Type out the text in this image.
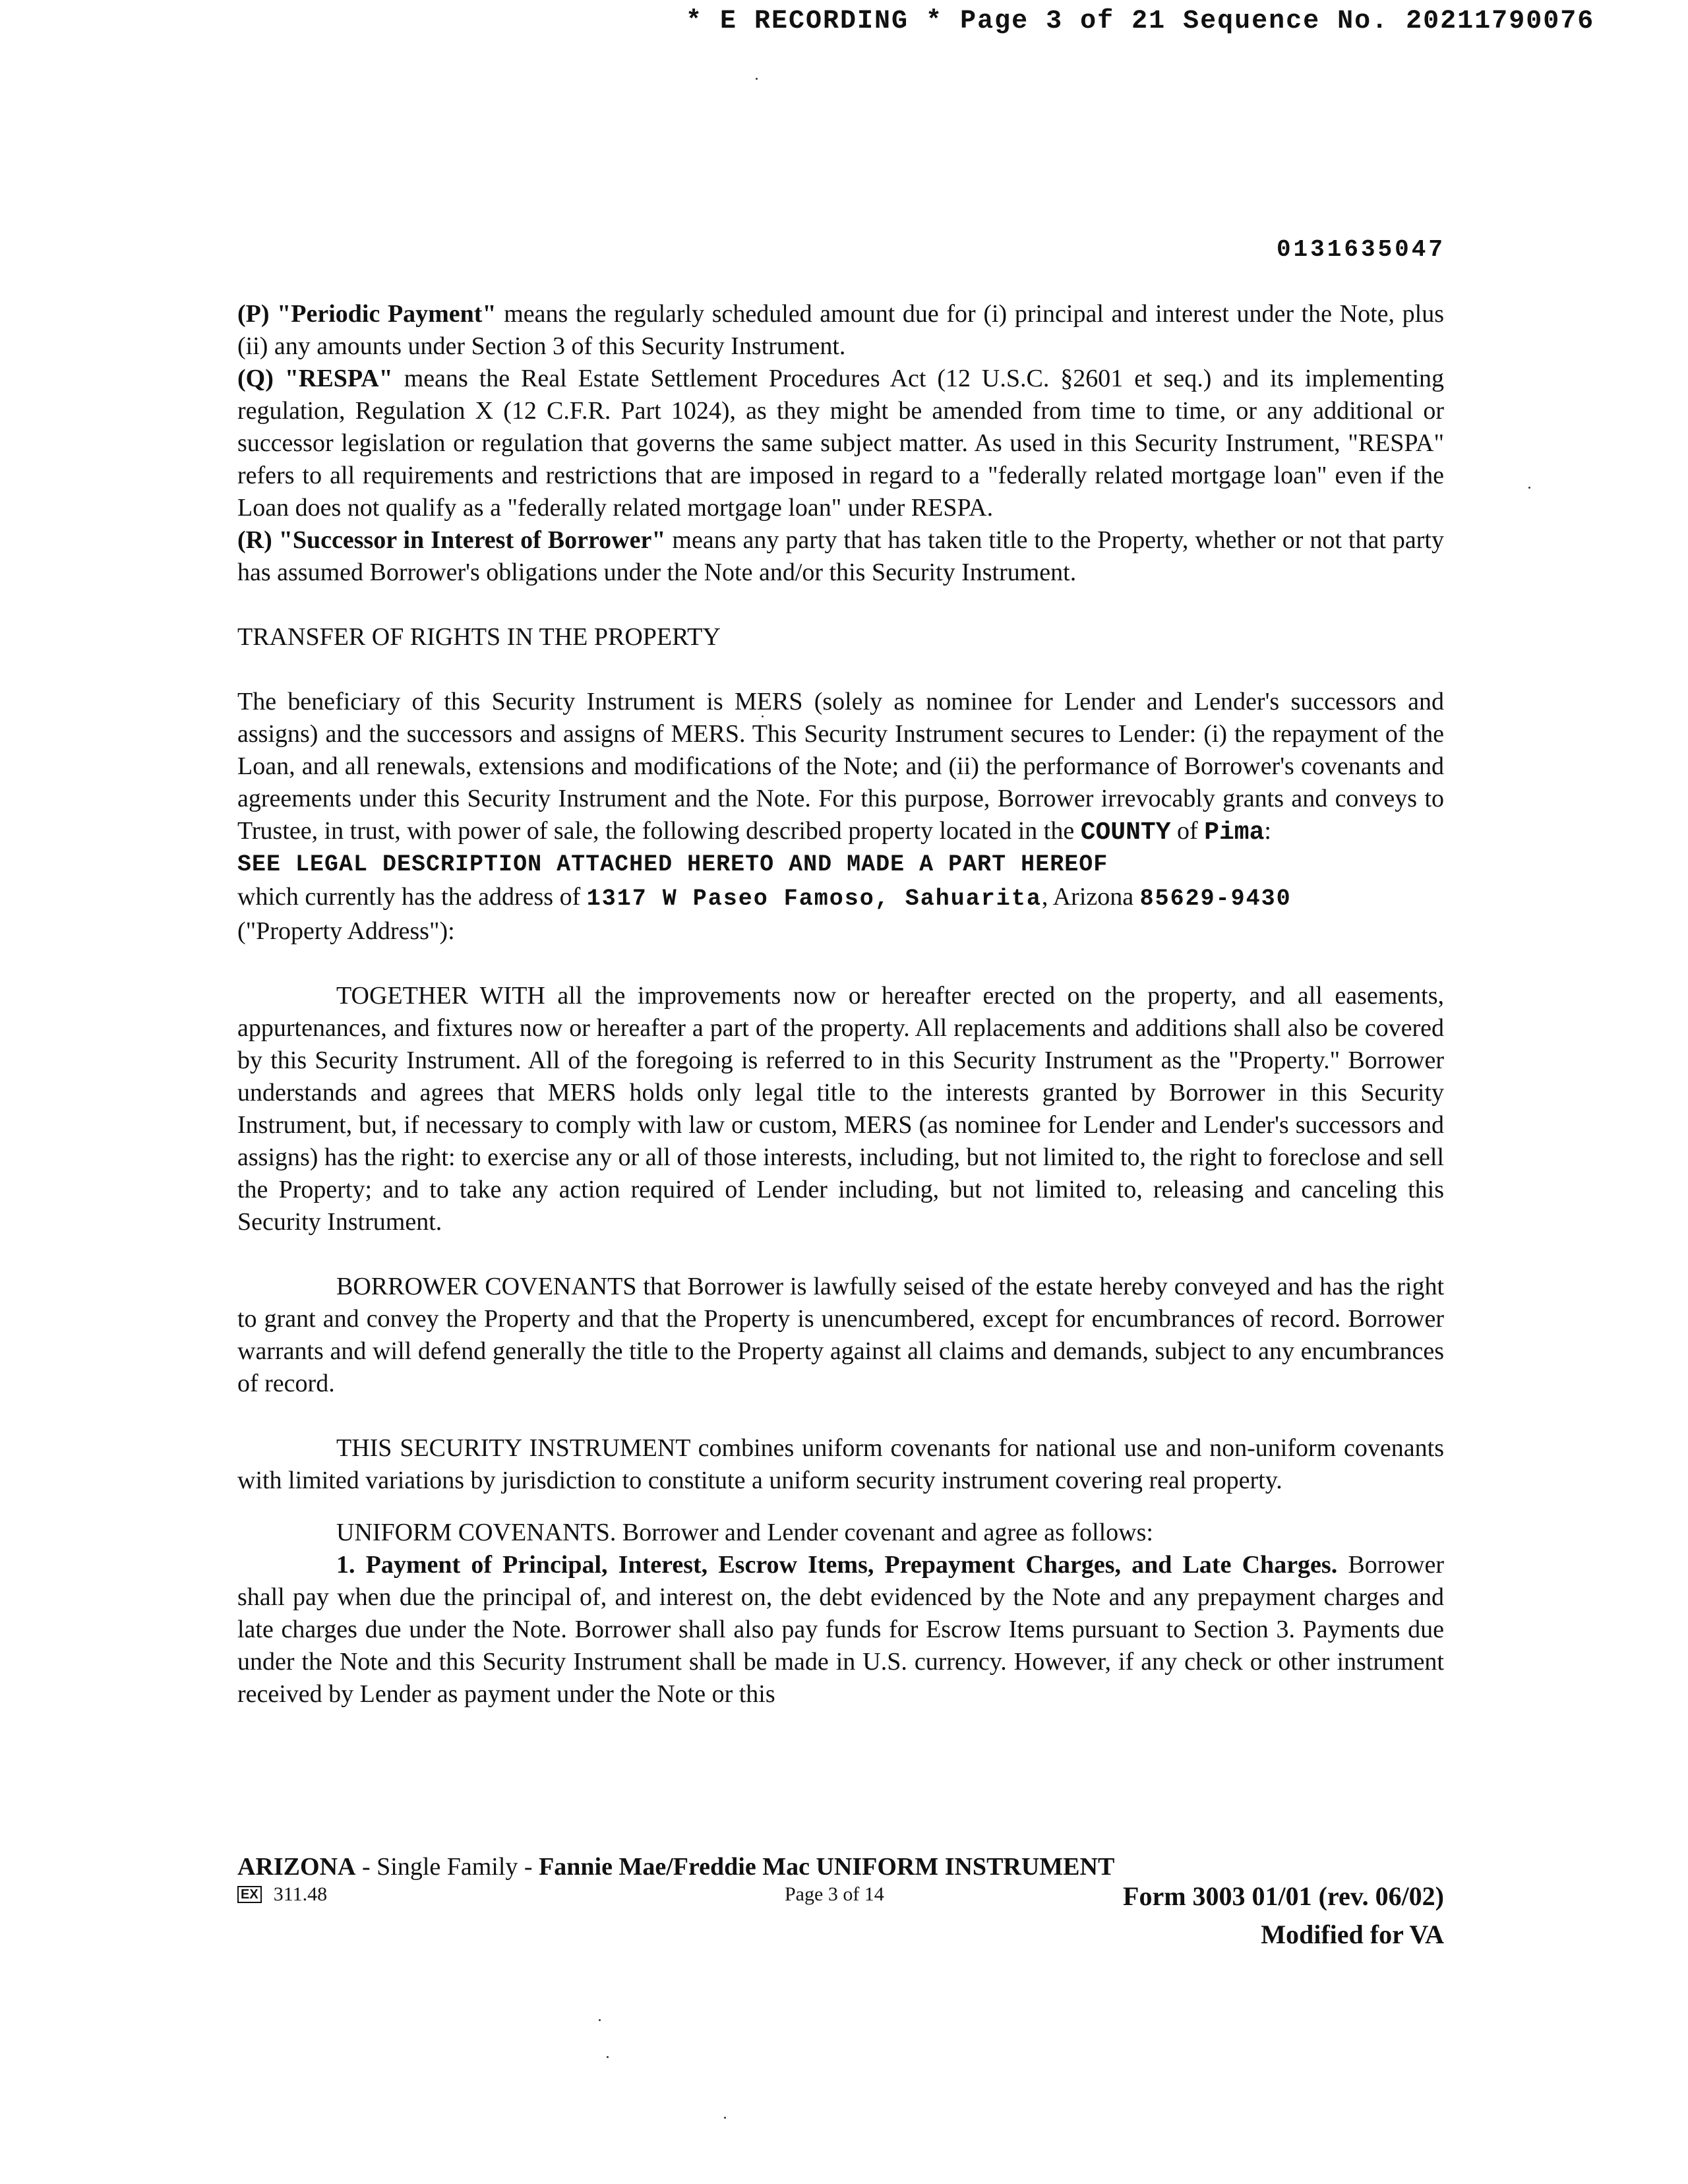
* E RECORDING * Page 3 of 21 Sequence No. 20211790076
0131635047

(P) "Periodic Payment" means the regularly scheduled amount due for (i) principal and interest under the Note, plus (ii) any amounts under Section 3 of this Security Instrument.

(Q) "RESPA" means the Real Estate Settlement Procedures Act (12 U.S.C. §2601 et seq.) and its implementing regulation, Regulation X (12 C.F.R. Part 1024), as they might be amended from time to time, or any additional or successor legislation or regulation that governs the same subject matter. As used in this Security Instrument, "RESPA" refers to all requirements and restrictions that are imposed in regard to a "federally related mortgage loan" even if the Loan does not qualify as a "federally related mortgage loan" under RESPA.

(R) "Successor in Interest of Borrower" means any party that has taken title to the Property, whether or not that party has assumed Borrower's obligations under the Note and/or this Security Instrument.

TRANSFER OF RIGHTS IN THE PROPERTY

The beneficiary of this Security Instrument is MERS (solely as nominee for Lender and Lender's successors and assigns) and the successors and assigns of MERS. This Security Instrument secures to Lender: (i) the repayment of the Loan, and all renewals, extensions and modifications of the Note; and (ii) the performance of Borrower's covenants and agreements under this Security Instrument and the Note. For this purpose, Borrower irrevocably grants and conveys to Trustee, in trust, with power of sale, the following described property located in the COUNTY of Pima:

SEE LEGAL DESCRIPTION ATTACHED HERETO AND MADE A PART HEREOF

which currently has the address of 1317 W Paseo Famoso, Sahuarita, Arizona 85629-9430

("Property Address"):

TOGETHER WITH all the improvements now or hereafter erected on the property, and all easements, appurtenances, and fixtures now or hereafter a part of the property. All replacements and additions shall also be covered by this Security Instrument. All of the foregoing is referred to in this Security Instrument as the "Property." Borrower understands and agrees that MERS holds only legal title to the interests granted by Borrower in this Security Instrument, but, if necessary to comply with law or custom, MERS (as nominee for Lender and Lender's successors and assigns) has the right: to exercise any or all of those interests, including, but not limited to, the right to foreclose and sell the Property; and to take any action required of Lender including, but not limited to, releasing and canceling this Security Instrument.

BORROWER COVENANTS that Borrower is lawfully seised of the estate hereby conveyed and has the right to grant and convey the Property and that the Property is unencumbered, except for encumbrances of record. Borrower warrants and will defend generally the title to the Property against all claims and demands, subject to any encumbrances of record.

THIS SECURITY INSTRUMENT combines uniform covenants for national use and non-uniform covenants with limited variations by jurisdiction to constitute a uniform security instrument covering real property.

UNIFORM COVENANTS. Borrower and Lender covenant and agree as follows:

1. Payment of Principal, Interest, Escrow Items, Prepayment Charges, and Late Charges. Borrower shall pay when due the principal of, and interest on, the debt evidenced by the Note and any prepayment charges and late charges due under the Note. Borrower shall also pay funds for Escrow Items pursuant to Section 3. Payments due under the Note and this Security Instrument shall be made in U.S. currency. However, if any check or other instrument received by Lender as payment under the Note or this

ARIZONA - Single Family - Fannie Mae/Freddie Mac UNIFORM INSTRUMENT
EX 311.48	Page 3 of 14	Form 3003 01/01 (rev. 06/02)
Modified for VA
